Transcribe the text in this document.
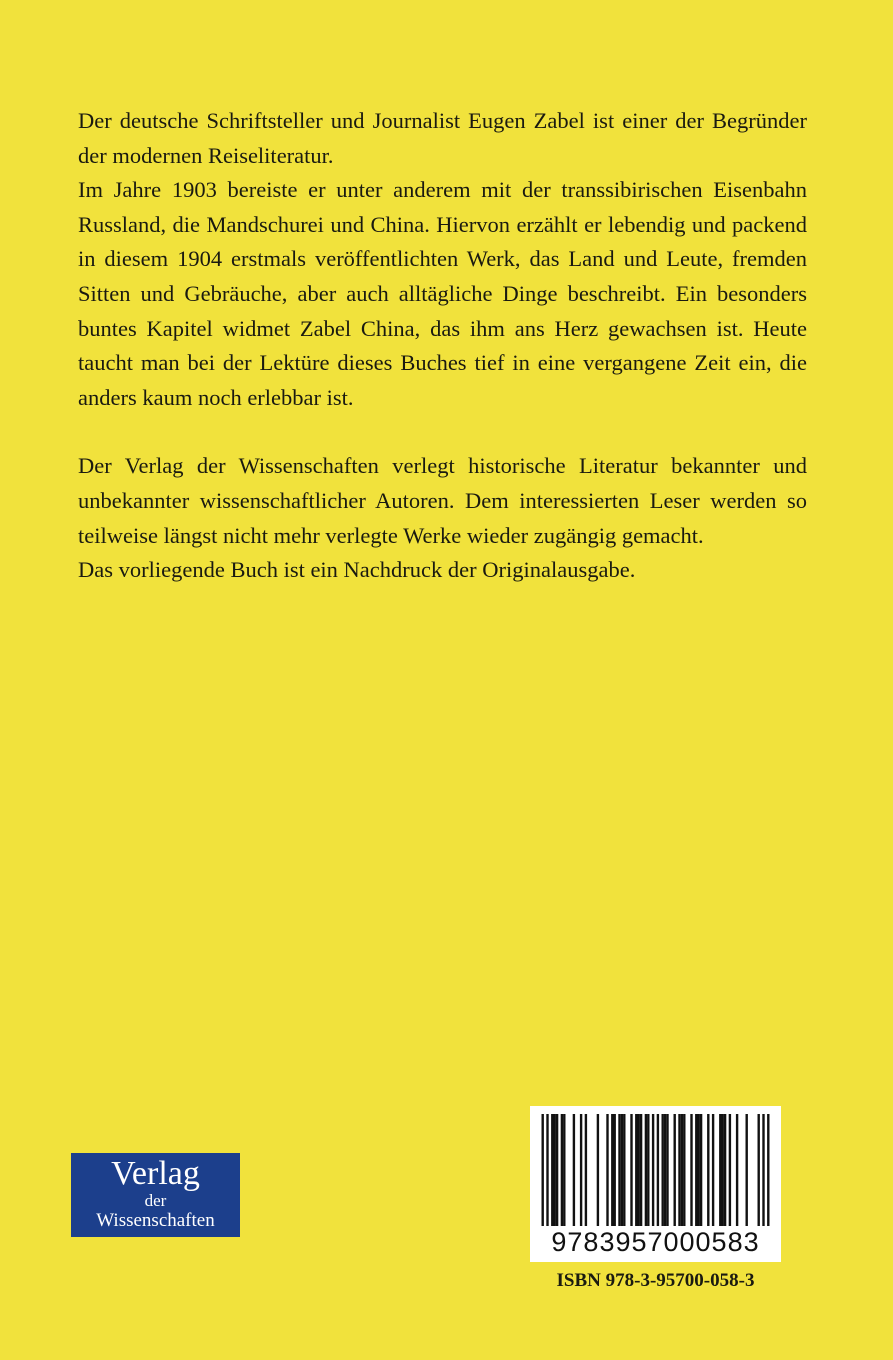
Der deutsche Schriftsteller und Journalist Eugen Zabel ist einer der Begründer der modernen Reiseliteratur.

Im Jahre 1903 bereiste er unter anderem mit der transsibirischen Eisenbahn Russland, die Mandschurei und China. Hiervon erzählt er lebendig und packend in diesem 1904 erstmals veröffentlichten Werk, das Land und Leute, fremden Sitten und Gebräuche, aber auch alltägliche Dinge beschreibt. Ein besonders buntes Kapitel widmet Zabel China, das ihm ans Herz gewachsen ist. Heute taucht man bei der Lektüre dieses Buches tief in eine vergangene Zeit ein, die anders kaum noch erlebbar ist.

Der Verlag der Wissenschaften verlegt historische Literatur bekannter und unbekannter wissenschaftlicher Autoren. Dem interessierten Leser werden so teilweise längst nicht mehr verlegte Werke wieder zugängig gemacht.

Das vorliegende Buch ist ein Nachdruck der Originalausgabe.

Verlag
der
Wissenschaften
9783957000583
ISBN 978-3-95700-058-3
